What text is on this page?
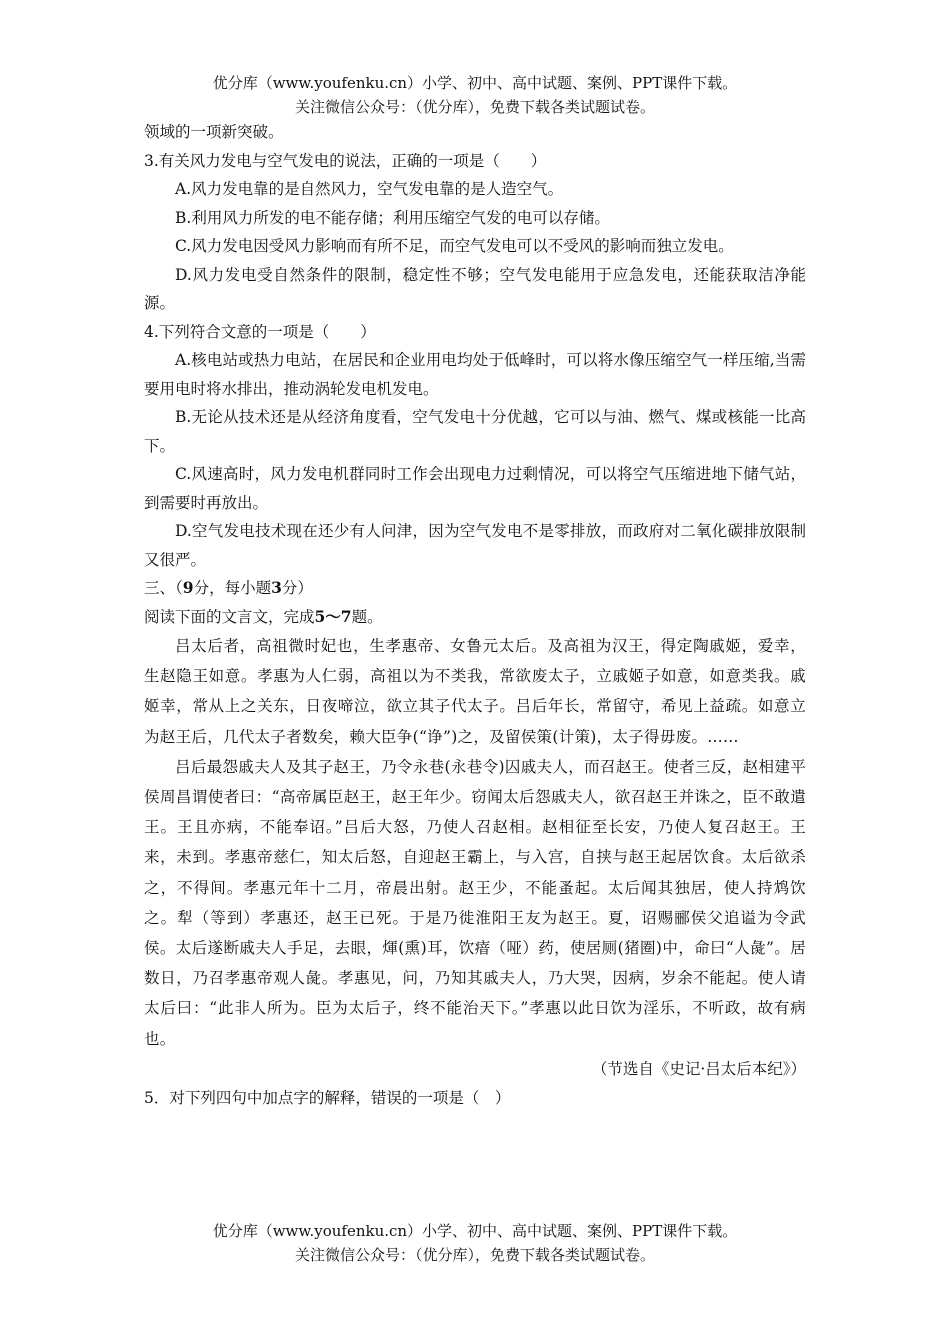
优分库（www.youfenku.cn）小学、初中、高中试题、案例、PPT课件下载。
关注微信公众号：（优分库），免费下载各类试题试卷。
领域的一项新突破。
3.有关风力发电与空气发电的说法，正确的一项是（　　）
A.风力发电靠的是自然风力，空气发电靠的是人造空气。
B.利用风力所发的电不能存储；利用压缩空气发的电可以存储。
C.风力发电因受风力影响而有所不足，而空气发电可以不受风的影响而独立发电。
D.风力发电受自然条件的限制，稳定性不够；空气发电能用于应急发电，还能获取洁净能源。
4.下列符合文意的一项是（　　）
A.核电站或热力电站，在居民和企业用电均处于低峰时，可以将水像压缩空气一样压缩,当需要用电时将水排出，推动涡轮发电机发电。
B.无论从技术还是从经济角度看，空气发电十分优越，它可以与油、燃气、煤或核能一比高下。
C.风速高时，风力发电机群同时工作会出现电力过剩情况，可以将空气压缩进地下储气站，到需要时再放出。
D.空气发电技术现在还少有人问津，因为空气发电不是零排放，而政府对二氧化碳排放限制又很严。
三、（9分，每小题3分）
阅读下面的文言文，完成5～7题。
吕太后者，高祖微时妃也，生孝惠帝、女鲁元太后。及高祖为汉王，得定陶戚姬，爱幸，生赵隐王如意。孝惠为人仁弱，高祖以为不类我，常欲废太子，立戚姬子如意，如意类我。戚姬幸，常从上之关东，日夜啼泣，欲立其子代太子。吕后年长，常留守，希见上益疏。如意立为赵王后，几代太子者数矣，赖大臣争(“诤”)之，及留侯策(计策)，太子得毋废。……
吕后最怨戚夫人及其子赵王，乃令永巷(永巷令)囚戚夫人，而召赵王。使者三反，赵相建平侯周昌谓使者曰：“高帝属臣赵王，赵王年少。窃闻太后怨戚夫人，欲召赵王并诛之，臣不敢遣王。王且亦病，不能奉诏。”吕后大怒，乃使人召赵相。赵相征至长安，乃使人复召赵王。王来，未到。孝惠帝慈仁，知太后怒，自迎赵王霸上，与入宫，自挟与赵王起居饮食。太后欲杀之，不得间。孝惠元年十二月，帝晨出射。赵王少，不能蚤起。太后闻其独居，使人持鸩饮之。犁（等到）孝惠还，赵王已死。于是乃徙淮阳王友为赵王。夏，诏赐郦侯父追谥为令武侯。太后遂断戚夫人手足，去眼，煇(熏)耳，饮瘖（哑）药，使居厕(猪圈)中，命曰“人彘”。居数日，乃召孝惠帝观人彘。孝惠见，问，乃知其戚夫人，乃大哭，因病，岁余不能起。使人请太后曰：“此非人所为。臣为太后子，终不能治天下。”孝惠以此日饮为淫乐，不听政，故有病也。
（节选自《史记·吕太后本纪》）
5．对下列四句中加点字的解释，错误的一项是（　）
优分库（www.youfenku.cn）小学、初中、高中试题、案例、PPT课件下载。
关注微信公众号：（优分库），免费下载各类试题试卷。
